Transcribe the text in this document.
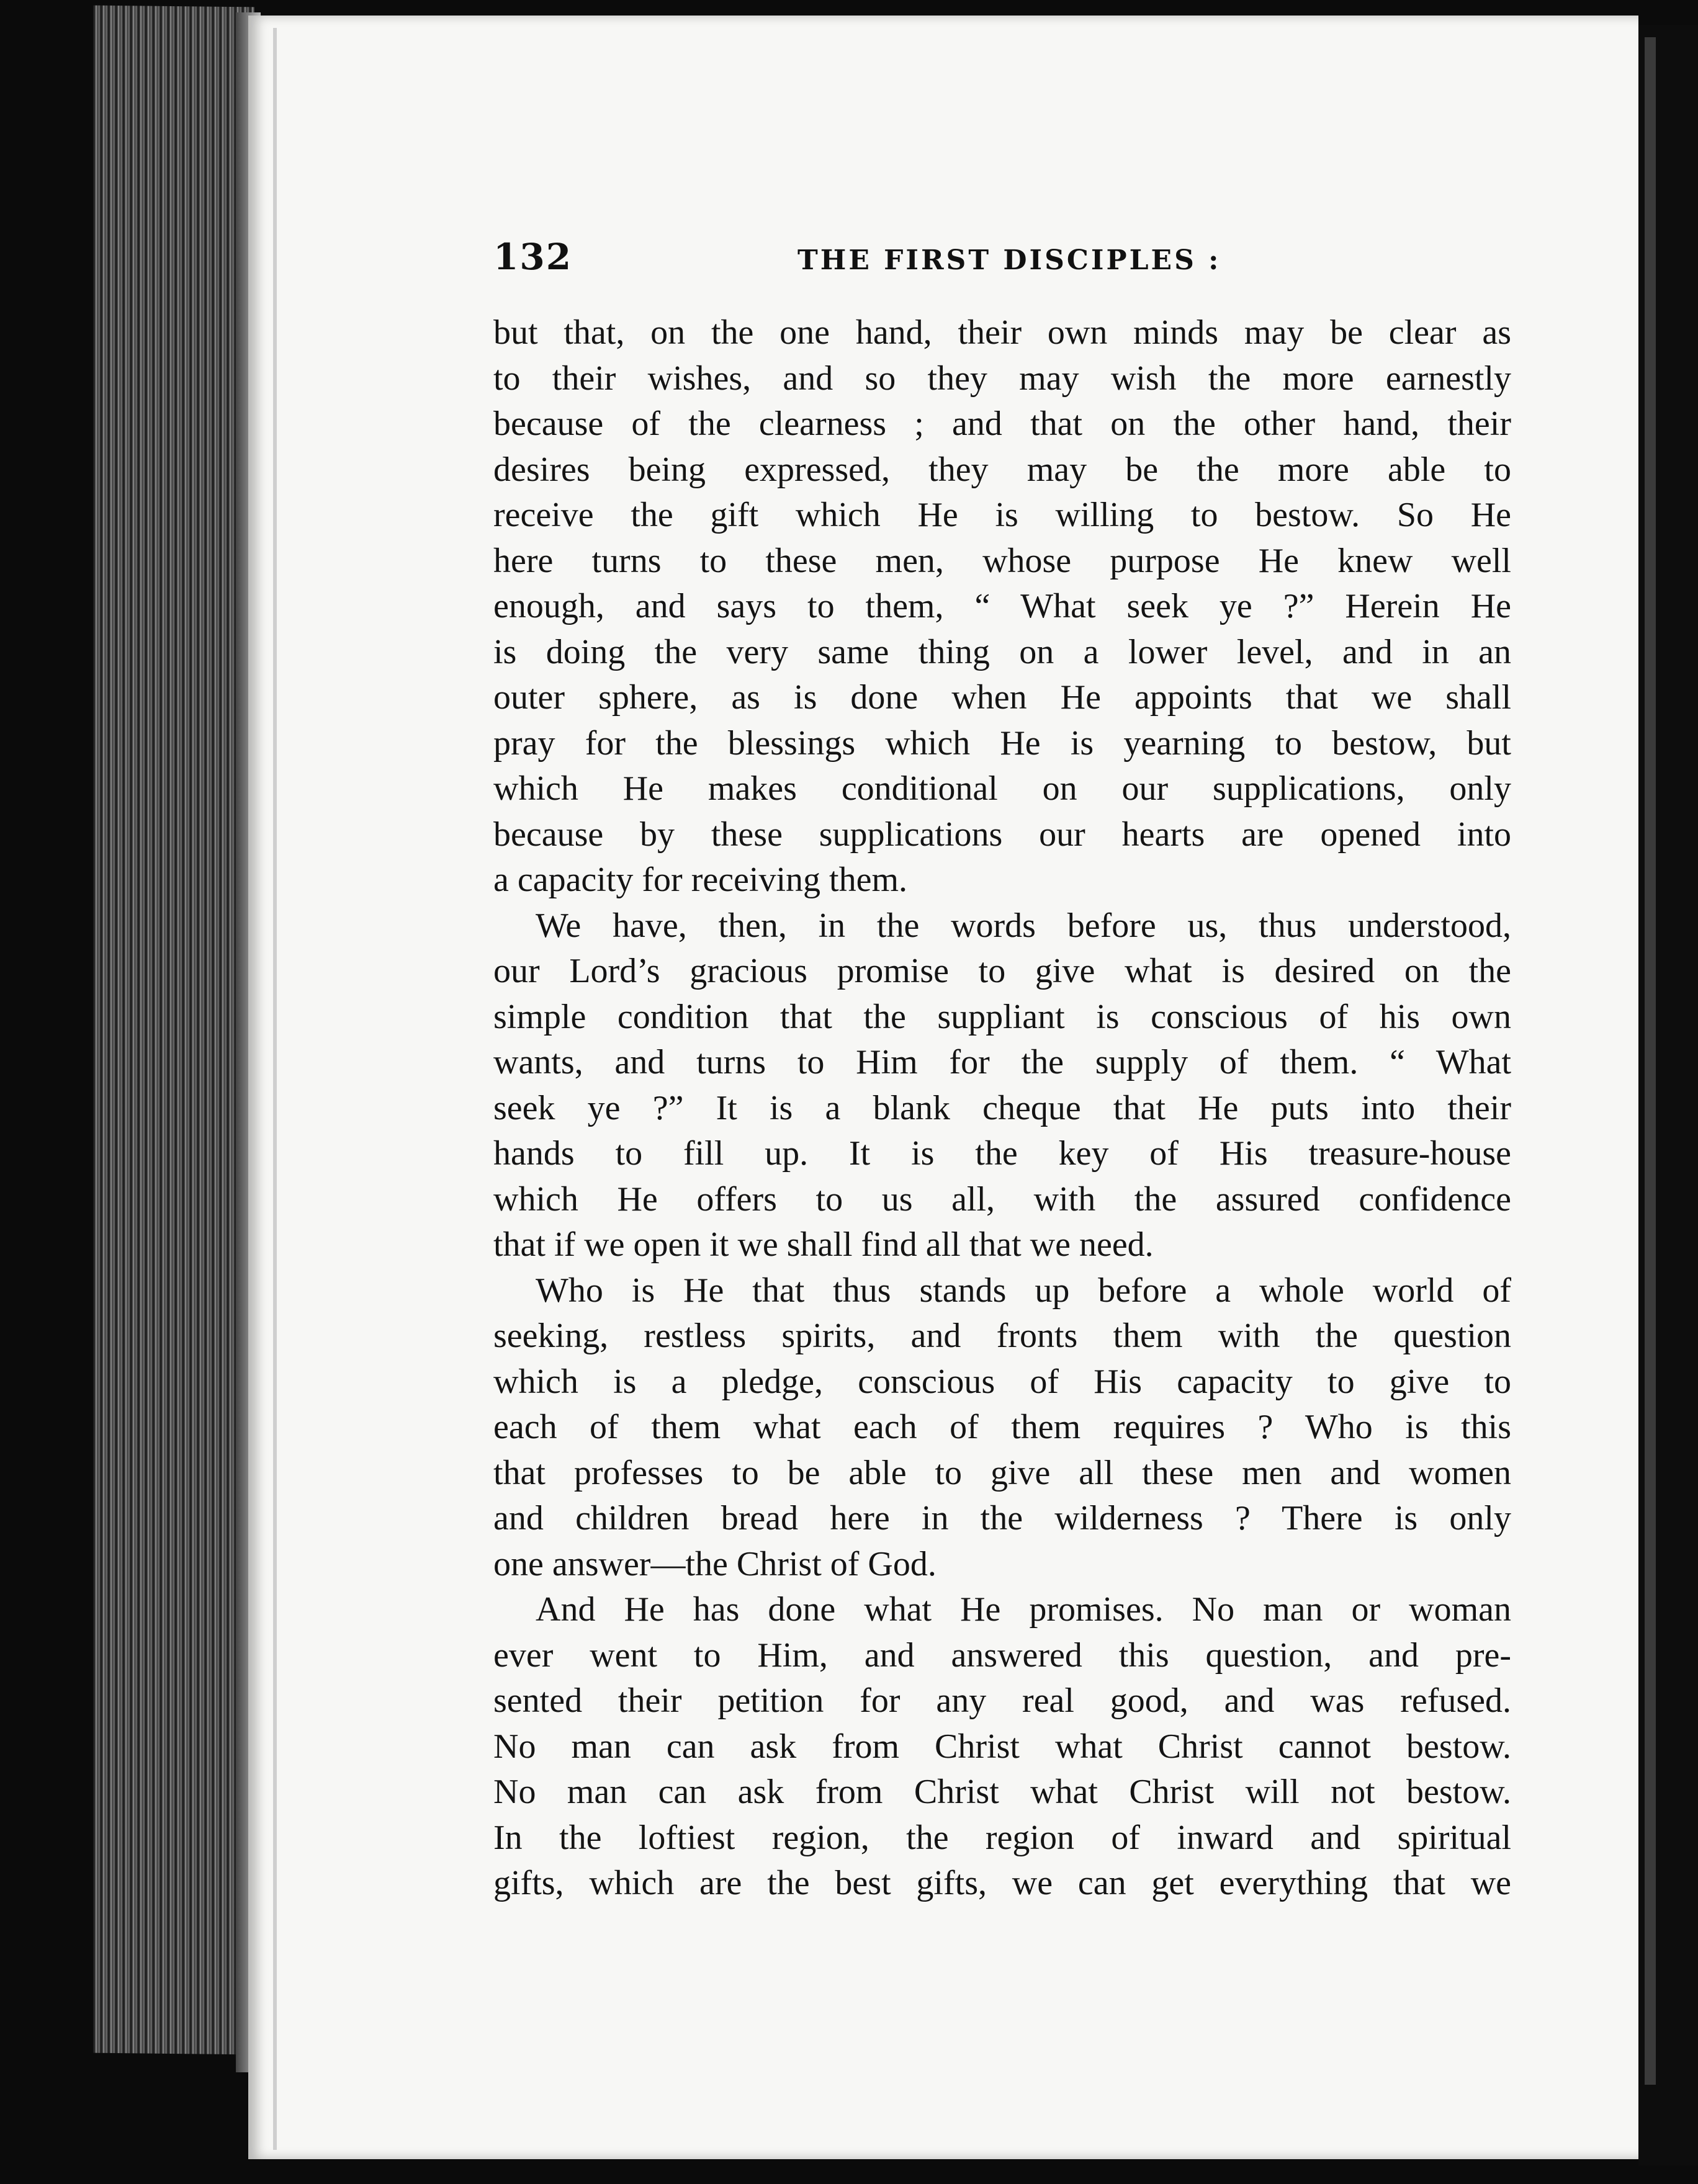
132	THE FIRST DISCIPLES :
but that, on the one hand, their own minds may be clear as
to their wishes, and so they may wish the more earnestly
because of the clearness ; and that on the other hand, their
desires being expressed, they may be the more able to
receive the gift which He is willing to bestow. So He
here turns to these men, whose purpose He knew well
enough, and says to them, “ What seek ye ?” Herein He
is doing the very same thing on a lower level, and in an
outer sphere, as is done when He appoints that we shall
pray for the blessings which He is yearning to bestow, but
which He makes conditional on our supplications, only
because by these supplications our hearts are opened into
a capacity for receiving them.
We have, then, in the words before us, thus understood,
our Lord’s gracious promise to give what is desired on the
simple condition that the suppliant is conscious of his own
wants, and turns to Him for the supply of them. “ What
seek ye ?” It is a blank cheque that He puts into their
hands to fill up. It is the key of His treasure-house
which He offers to us all, with the assured confidence
that if we open it we shall find all that we need.
Who is He that thus stands up before a whole world of
seeking, restless spirits, and fronts them with the question
which is a pledge, conscious of His capacity to give to
each of them what each of them requires ? Who is this
that professes to be able to give all these men and women
and children bread here in the wilderness ? There is only
one answer—the Christ of God.
And He has done what He promises. No man or woman
ever went to Him, and answered this question, and pre-
sented their petition for any real good, and was refused.
No man can ask from Christ what Christ cannot bestow.
No man can ask from Christ what Christ will not bestow.
In the loftiest region, the region of inward and spiritual
gifts, which are the best gifts, we can get everything that we
